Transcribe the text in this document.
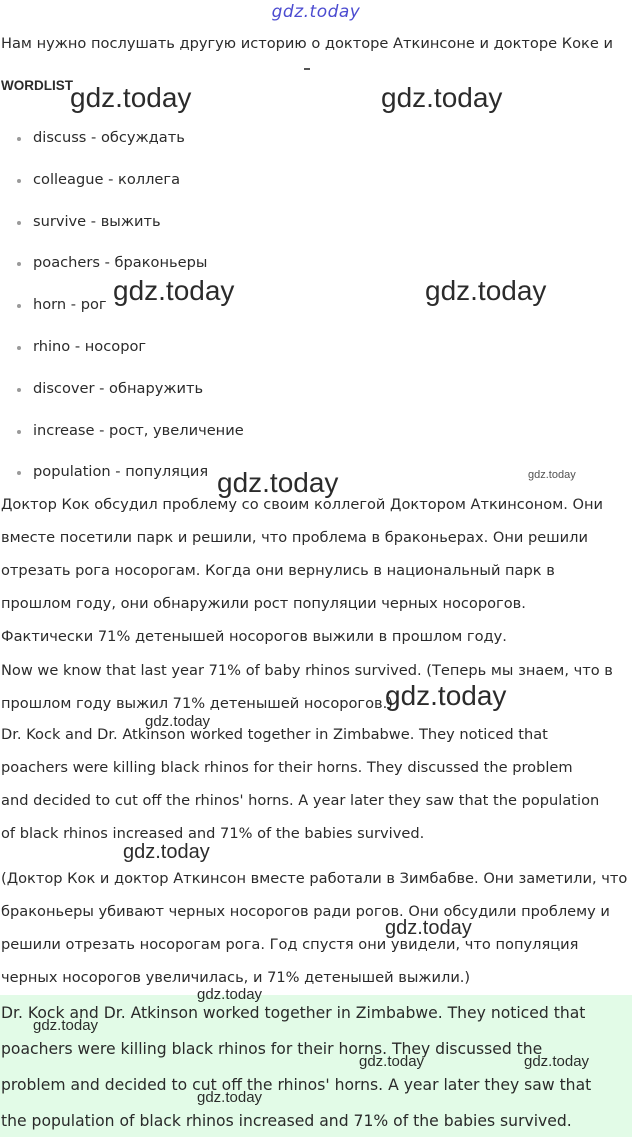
gdz.today
Нам нужно послушать другую историю о докторе Аткинсоне и докторе Коке и
WORDLIST
discuss - обсуждать
colleague - коллега
survive - выжить
poachers - браконьеры
horn - рог
rhino - носорог
discover - обнаружить
increase - рост, увеличение
population - популяция
Доктор Кок обсудил проблему со своим коллегой Доктором Аткинсоном. Они
вместе посетили парк и решили, что проблема в браконьерах. Они решили
отрезать рога носорогам. Когда они вернулись в национальный парк в
прошлом году, они обнаружили рост популяции черных носорогов.
Фактически 71% детенышей носорогов выжили в прошлом году.
Now we know that last year 71% of baby rhinos survived. (Теперь мы знаем, что в
прошлом году выжил 71% детенышей носорогов.)
Dr. Kock and Dr. Atkinson worked together in Zimbabwe. They noticed that
poachers were killing black rhinos for their horns. They discussed the problem
and decided to cut off the rhinos' horns. A year later they saw that the population
of black rhinos increased and 71% of the babies survived.
(Доктор Кок и доктор Аткинсон вместе работали в Зимбабве. Они заметили, что
браконьеры убивают черных носорогов ради рогов. Они обсудили проблему и
решили отрезать носорогам рога. Год спустя они увидели, что популяция
черных носорогов увеличилась, и 71% детенышей выжили.)
Dr. Kock and Dr. Atkinson worked together in Zimbabwe. They noticed that
poachers were killing black rhinos for their horns. They discussed the
problem and decided to cut off the rhinos' horns. A year later they saw that
the population of black rhinos increased and 71% of the babies survived.
gdz.today	gdz.today
gdz.today	gdz.today
gdz.today	gdz.today
gdz.today
gdz.today
gdz.today
gdz.today
gdz.today
gdz.today
gdz.today	gdz.today
gdz.today
